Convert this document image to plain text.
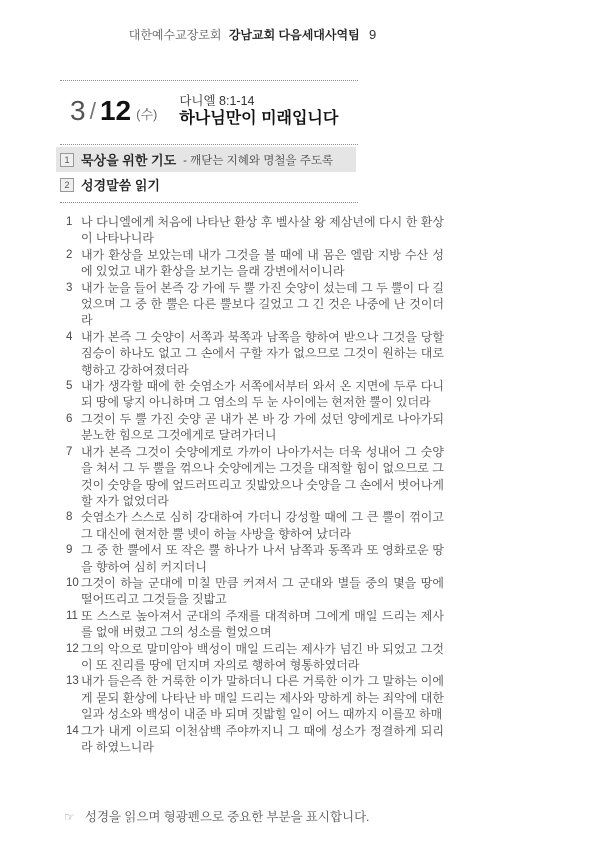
대한예수교장로회 강남교회 다음세대사역팀 9
3 / 12 (수)
다니엘 8:1-14
하나님만이 미래입니다
1 묵상을 위한 기도 - 깨닫는 지혜와 명철을 주도록
2 성경말씀 읽기
1 나 다니엘에게 처음에 나타난 환상 후 벨사살 왕 제삼년에 다시 한 환상이 나타나니라
2 내가 환상을 보았는데 내가 그것을 볼 때에 내 몸은 엘람 지방 수산 성에 있었고 내가 환상을 보기는 을래 강변에서이니라
3 내가 눈을 들어 본즉 강 가에 두 뿔 가진 숫양이 섰는데 그 두 뿔이 다 길었으며 그 중 한 뿔은 다른 뿔보다 길었고 그 긴 것은 나중에 난 것이더라
4 내가 본즉 그 숫양이 서쪽과 북쪽과 남쪽을 향하여 받으나 그것을 당할 짐승이 하나도 없고 그 손에서 구할 자가 없으므로 그것이 원하는 대로 행하고 강하여졌더라
5 내가 생각할 때에 한 숫염소가 서쪽에서부터 와서 온 지면에 두루 다니되 땅에 닿지 아니하며 그 염소의 두 눈 사이에는 현저한 뿔이 있더라
6 그것이 두 뿔 가진 숫양 곧 내가 본 바 강 가에 섰던 양에게로 나아가되 분노한 힘으로 그것에게로 달려가더니
7 내가 본즉 그것이 숫양에게로 가까이 나아가서는 더욱 성내어 그 숫양을 쳐서 그 두 뿔을 꺾으나 숫양에게는 그것을 대적할 힘이 없으므로 그것이 숫양을 땅에 엎드러뜨리고 짓밟았으나 숫양을 그 손에서 벗어나게 할 자가 없었더라
8 숫염소가 스스로 심히 강대하여 가더니 강성할 때에 그 큰 뿔이 꺾이고 그 대신에 현저한 뿔 넷이 하늘 사방을 향하여 났더라
9 그 중 한 뿔에서 또 작은 뿔 하나가 나서 남쪽과 동쪽과 또 영화로운 땅을 향하여 심히 커지더니
10 그것이 하늘 군대에 미칠 만큼 커져서 그 군대와 별들 중의 몇을 땅에 떨어뜨리고 그것들을 짓밟고
11 또 스스로 높아져서 군대의 주재를 대적하며 그에게 매일 드리는 제사를 없애 버렸고 그의 성소를 헐었으며
12 그의 악으로 말미암아 백성이 매일 드리는 제사가 넘긴 바 되었고 그것이 또 진리를 땅에 던지며 자의로 행하여 형통하였더라
13 내가 들은즉 한 거룩한 이가 말하더니 다른 거룩한 이가 그 말하는 이에게 묻되 환상에 나타난 바 매일 드리는 제사와 망하게 하는 죄악에 대한 일과 성소와 백성이 내준 바 되며 짓밟힐 일이 어느 때까지 이를꼬 하매
14 그가 내게 이르되 이천삼백 주야까지니 그 때에 성소가 정결하게 되리라 하였느니라
☞ 성경을 읽으며 형광펜으로 중요한 부분을 표시합니다.
